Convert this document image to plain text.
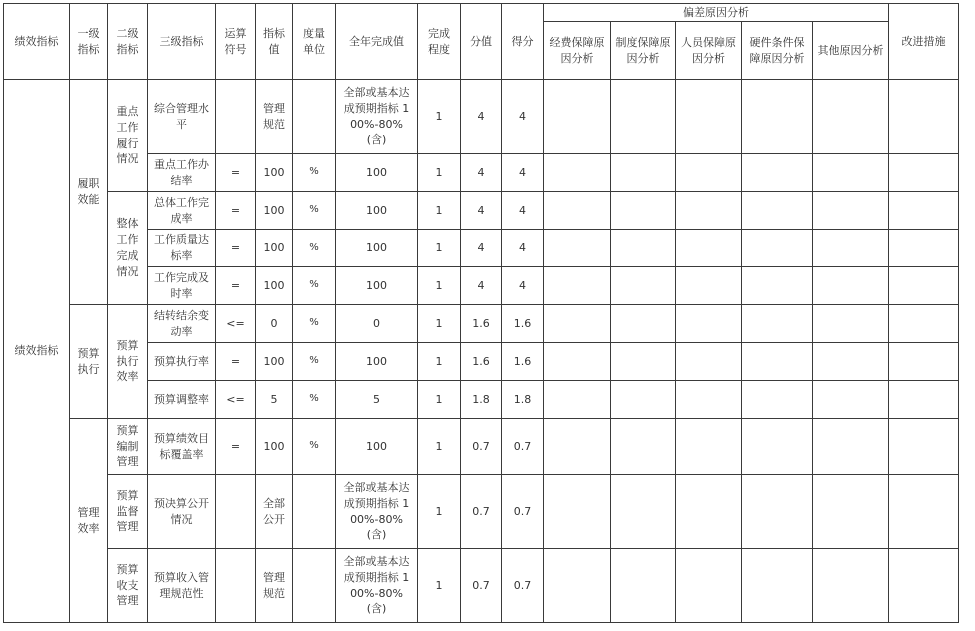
绩效指标	一级指标	二级指标	三级指标	运算符号	指标值	度量单位	全年完成值	完成程度	分值	得分	偏差原因分析					改进措施

											经费保障原因分析	制度保障原因分析	人员保障原因分析	硬件条件保障原因分析	其他原因分析	

绩效指标	履职效能	重点工作履行情况	综合管理水平		管理规范		全部或基本达成预期指标 100%-80%(含)	1	4	4						

			重点工作办结率	=	100	%	100	1	4	4						

		整体工作完成情况	总体工作完成率	=	100	%	100	1	4	4						

			工作质量达标率	=	100	%	100	1	4	4						

			工作完成及时率	=	100	%	100	1	4	4						

	预算执行	预算执行效率	结转结余变动率	<=	0	%	0	1	1.6	1.6						

			预算执行率	=	100	%	100	1	1.6	1.6						

			预算调整率	<=	5	%	5	1	1.8	1.8						

	管理效率	预算编制管理	预算绩效目标覆盖率	=	100	%	100	1	0.7	0.7						

		预算监督管理	预决算公开情况		全部公开		全部或基本达成预期指标 100%-80%(含)	1	0.7	0.7						

		预算收支管理	预算收入管理规范性		管理规范		全部或基本达成预期指标 100%-80%(含)	1	0.7	0.7						
